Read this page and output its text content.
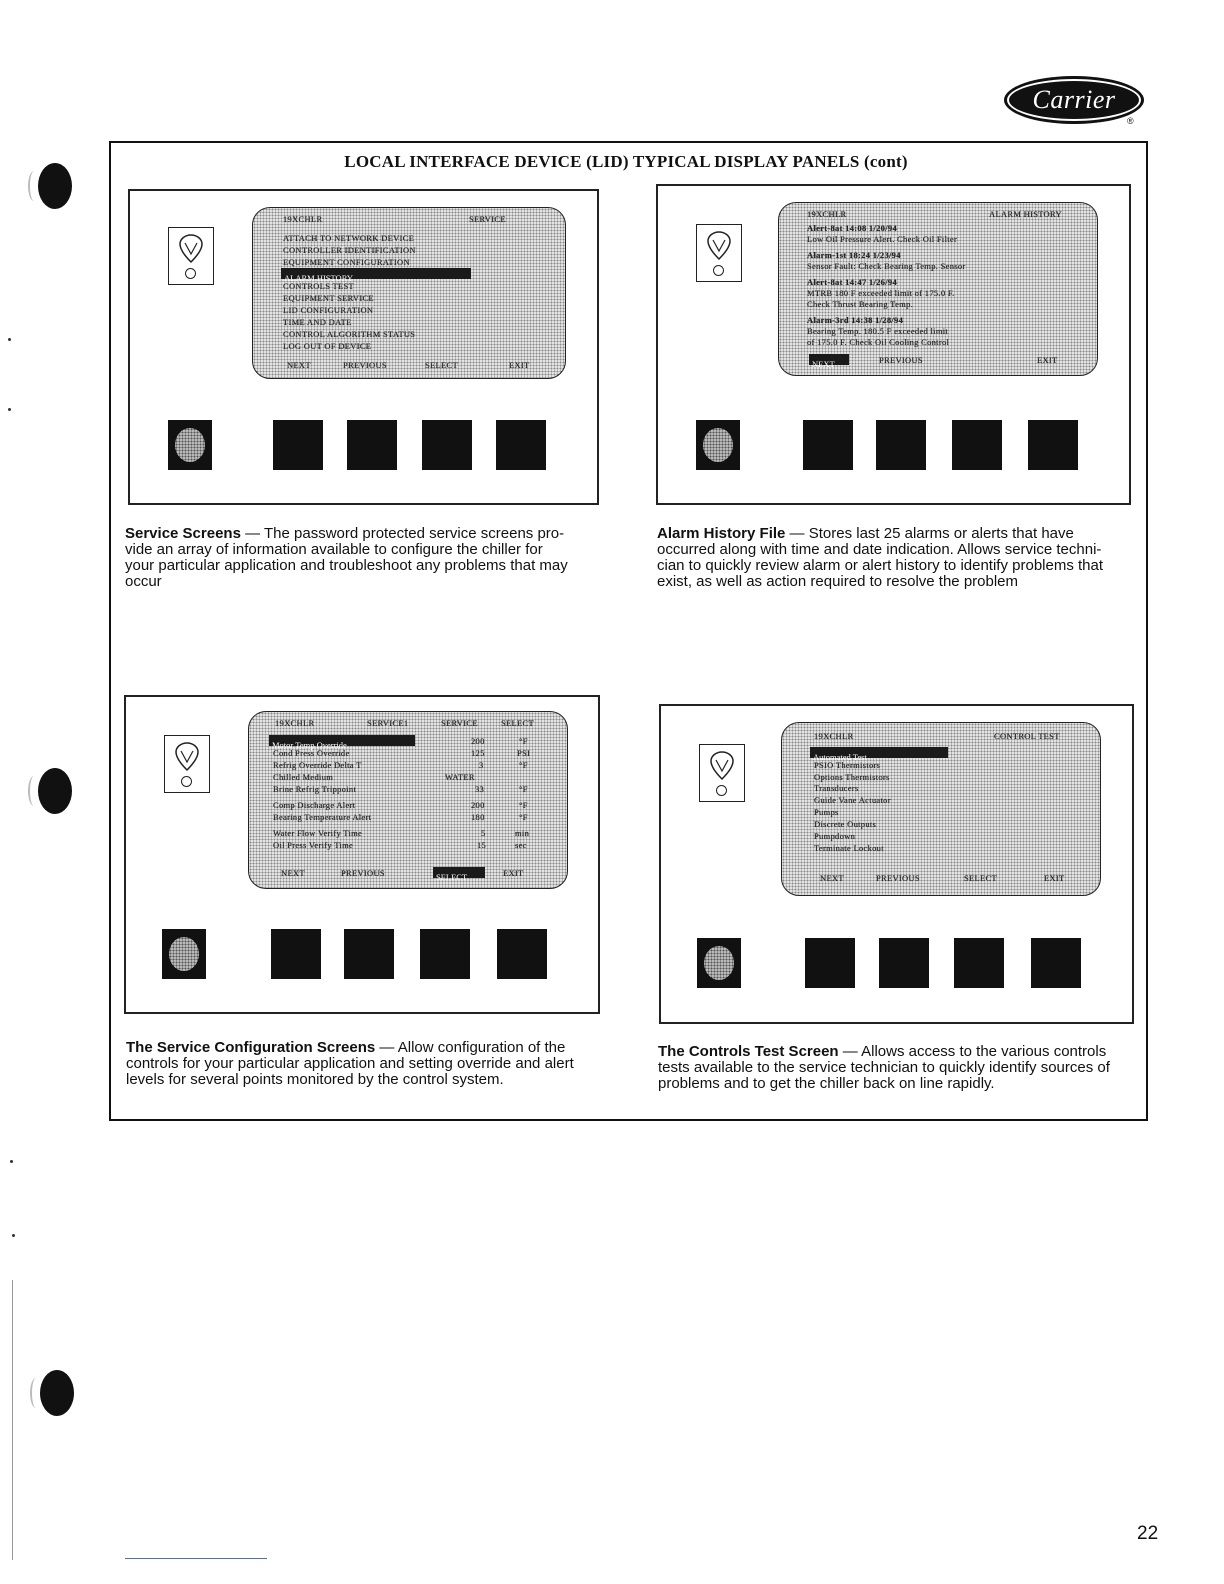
Carrier
®
LOCAL INTERFACE DEVICE (LID) TYPICAL DISPLAY PANELS (cont)
19XCHLR	SERVICE
ATTACH TO NETWORK DEVICE
CONTROLLER IDENTIFICATION
EQUIPMENT CONFIGURATION
ALARM HISTORY
CONTROLS TEST
EQUIPMENT SERVICE
LID CONFIGURATION
TIME AND DATE
CONTROL ALGORITHM STATUS
LOG OUT OF DEVICE
NEXT	PREVIOUS	SELECT	EXIT
19XCHLR	ALARM HISTORY
Alert-8at 14:08 1/20/94
Low Oil Pressure Alert. Check Oil Filter
Alarm-1st 18:24 1/23/94
Sensor Fault: Check Bearing Temp. Sensor
Alert-8at 14:47 1/26/94
MTRB 180 F exceeded limit of 175.0 F.
Check Thrust Bearing Temp.
Alarm-3rd 14:38 1/28/94
Bearing Temp. 180.5 F exceeded limit
of 175.0 F. Check Oil Cooling Control
NEXT	PREVIOUS	EXIT
Service Screens — The password protected service screens pro-
vide an array of information available to configure the chiller for
your particular application and troubleshoot any problems that may
occur
Alarm History File — Stores last 25 alarms or alerts that have
occurred along with time and date indication. Allows service techni-
cian to quickly review alarm or alert history to identify problems that
exist, as well as action required to resolve the problem
19XCHLR	SERVICE1	SERVICE	SELECT
Motor Temp Override	200	°F
Cond Press Override	125	PSI
Refrig Override Delta T	3	°F
Chilled Medium	WATER
Brine Refrig Trippoint	33	°F
Comp Discharge Alert	200	°F
Bearing Temperature Alert	180	°F
Water Flow Verify Time	5	min
Oil Press Verify Time	15	sec
NEXT	PREVIOUS	SELECT	EXIT
19XCHLR	CONTROL TEST
Automated Test
PSIO Thermistors
Options Thermistors
Transducers
Guide Vane Actuator
Pumps
Discrete Outputs
Pumpdown
Terminate Lockout
NEXT	PREVIOUS	SELECT	EXIT
The Service Configuration Screens — Allow configuration of the
controls for your particular application and setting override and alert
levels for several points monitored by the control system.
The Controls Test Screen — Allows access to the various controls
tests available to the service technician to quickly identify sources of
problems and to get the chiller back on line rapidly.
22
